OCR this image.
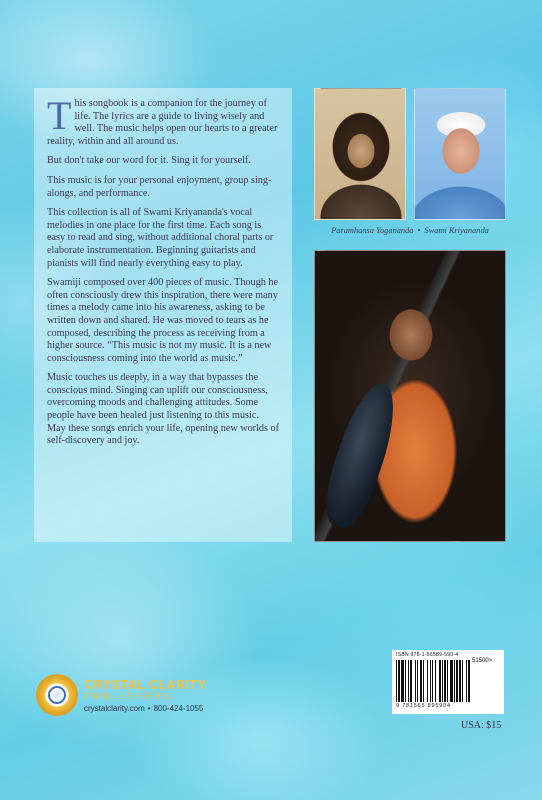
This songbook is a companion for the journey of life. The lyrics are a guide to living wisely and well. The music helps open our hearts to a greater reality, within and all around us.

But don't take our word for it. Sing it for yourself.

This music is for your personal enjoyment, group sing-alongs, and performance.

This collection is all of Swami Kriyananda's vocal melodies in one place for the first time. Each song is easy to read and sing, without additional choral parts or elaborate instrumentation. Beginning guitarists and pianists will find nearly everything easy to play.

Swamiji composed over 400 pieces of music. Though he often consciously drew this inspiration, there were many times a melody came into his awareness, asking to be written down and shared. He was moved to tears as he composed, describing the process as receiving from a higher source. “This music is not my music. It is a new consciousness coming into the world as music.”

Music touches us deeply, in a way that bypasses the conscious mind. Singing can uplift our consciousness, overcoming moods and challenging attitudes. Some people have been healed just listening to this music. May these songs enrich your life, opening new worlds of self-discovery and joy.

Paramhansa Yogananda • Swami Kriyananda
CRYSTAL CLARITY
PUBLISHERS
crystalclarity.com • 800-424-1055
ISBN 978-1-56589-590-4
9 781565 895904
51500>
USA: $15
